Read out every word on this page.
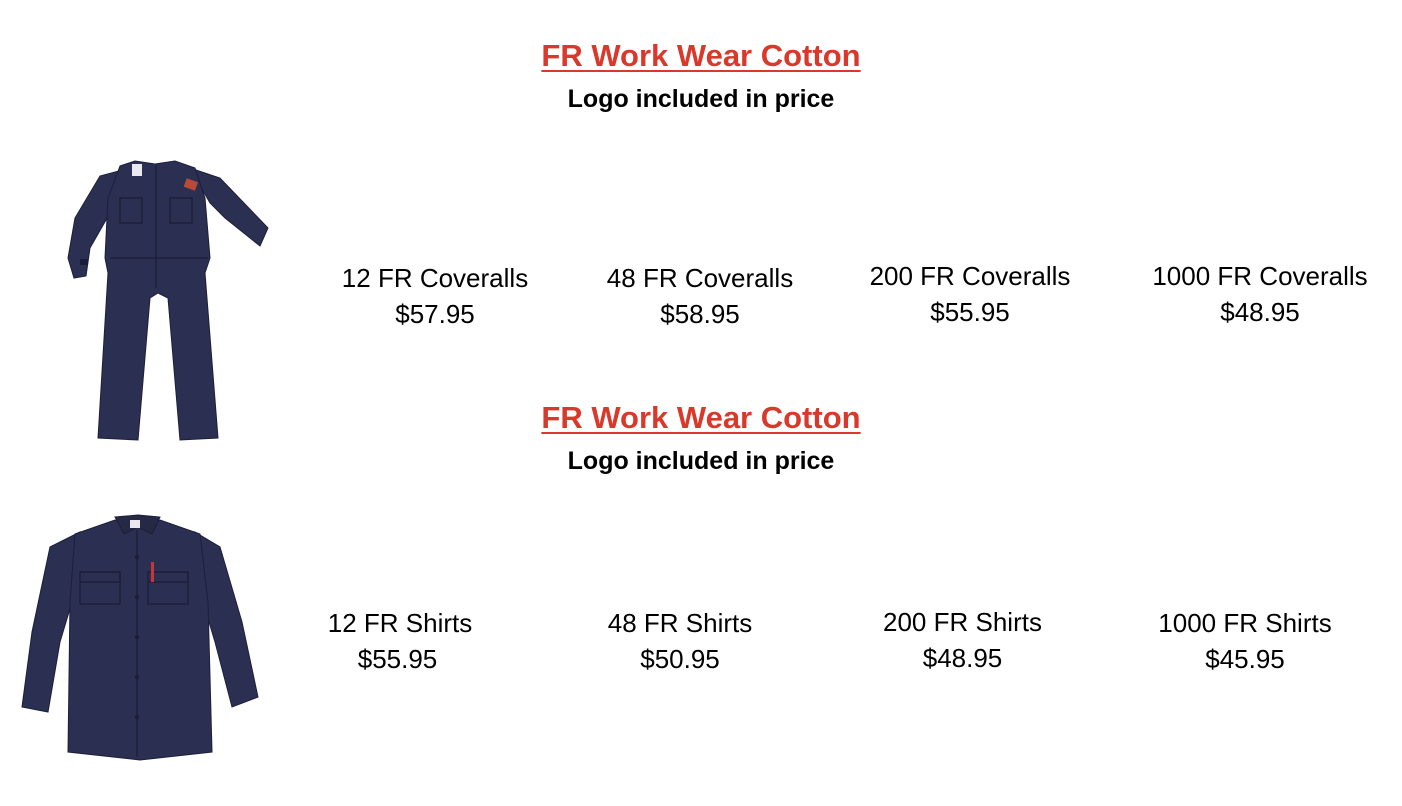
FR Work Wear Cotton
Logo included in price
12 FR Coveralls
$57.95
48 FR Coveralls
$58.95
200 FR Coveralls
$55.95
1000 FR Coveralls
$48.95
FR Work Wear Cotton
Logo included in price
12 FR Shirts
$55.95
48 FR Shirts
$50.95
200 FR Shirts
$48.95
1000 FR Shirts
$45.95
